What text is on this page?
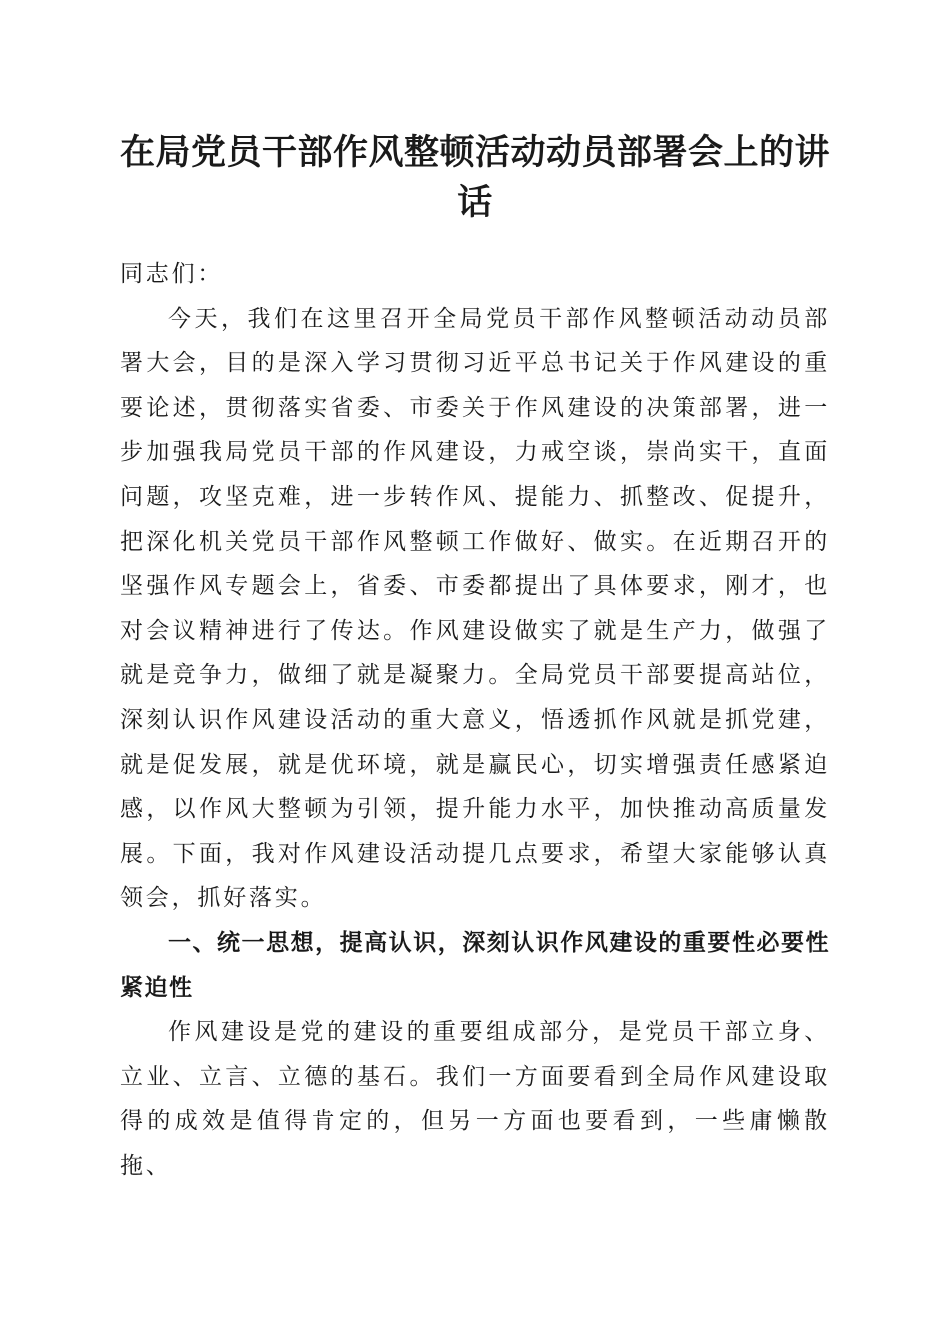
在局党员干部作风整顿活动动员部署会上的讲话

同志们：

今天，我们在这里召开全局党员干部作风整顿活动动员部署大会，目的是深入学习贯彻习近平总书记关于作风建设的重要论述，贯彻落实省委、市委关于作风建设的决策部署，进一步加强我局党员干部的作风建设，力戒空谈，崇尚实干，直面问题，攻坚克难，进一步转作风、提能力、抓整改、促提升，把深化机关党员干部作风整顿工作做好、做实。在近期召开的坚强作风专题会上，省委、市委都提出了具体要求，刚才，也对会议精神进行了传达。作风建设做实了就是生产力，做强了就是竞争力，做细了就是凝聚力。全局党员干部要提高站位，深刻认识作风建设活动的重大意义，悟透抓作风就是抓党建，就是促发展，就是优环境，就是赢民心，切实增强责任感紧迫感，以作风大整顿为引领，提升能力水平，加快推动高质量发展。下面，我对作风建设活动提几点要求，希望大家能够认真领会，抓好落实。

一、统一思想，提高认识，深刻认识作风建设的重要性必要性紧迫性

作风建设是党的建设的重要组成部分，是党员干部立身、立业、立言、立德的基石。我们一方面要看到全局作风建设取得的成效是值得肯定的，但另一方面也要看到，一些庸懒散拖、
